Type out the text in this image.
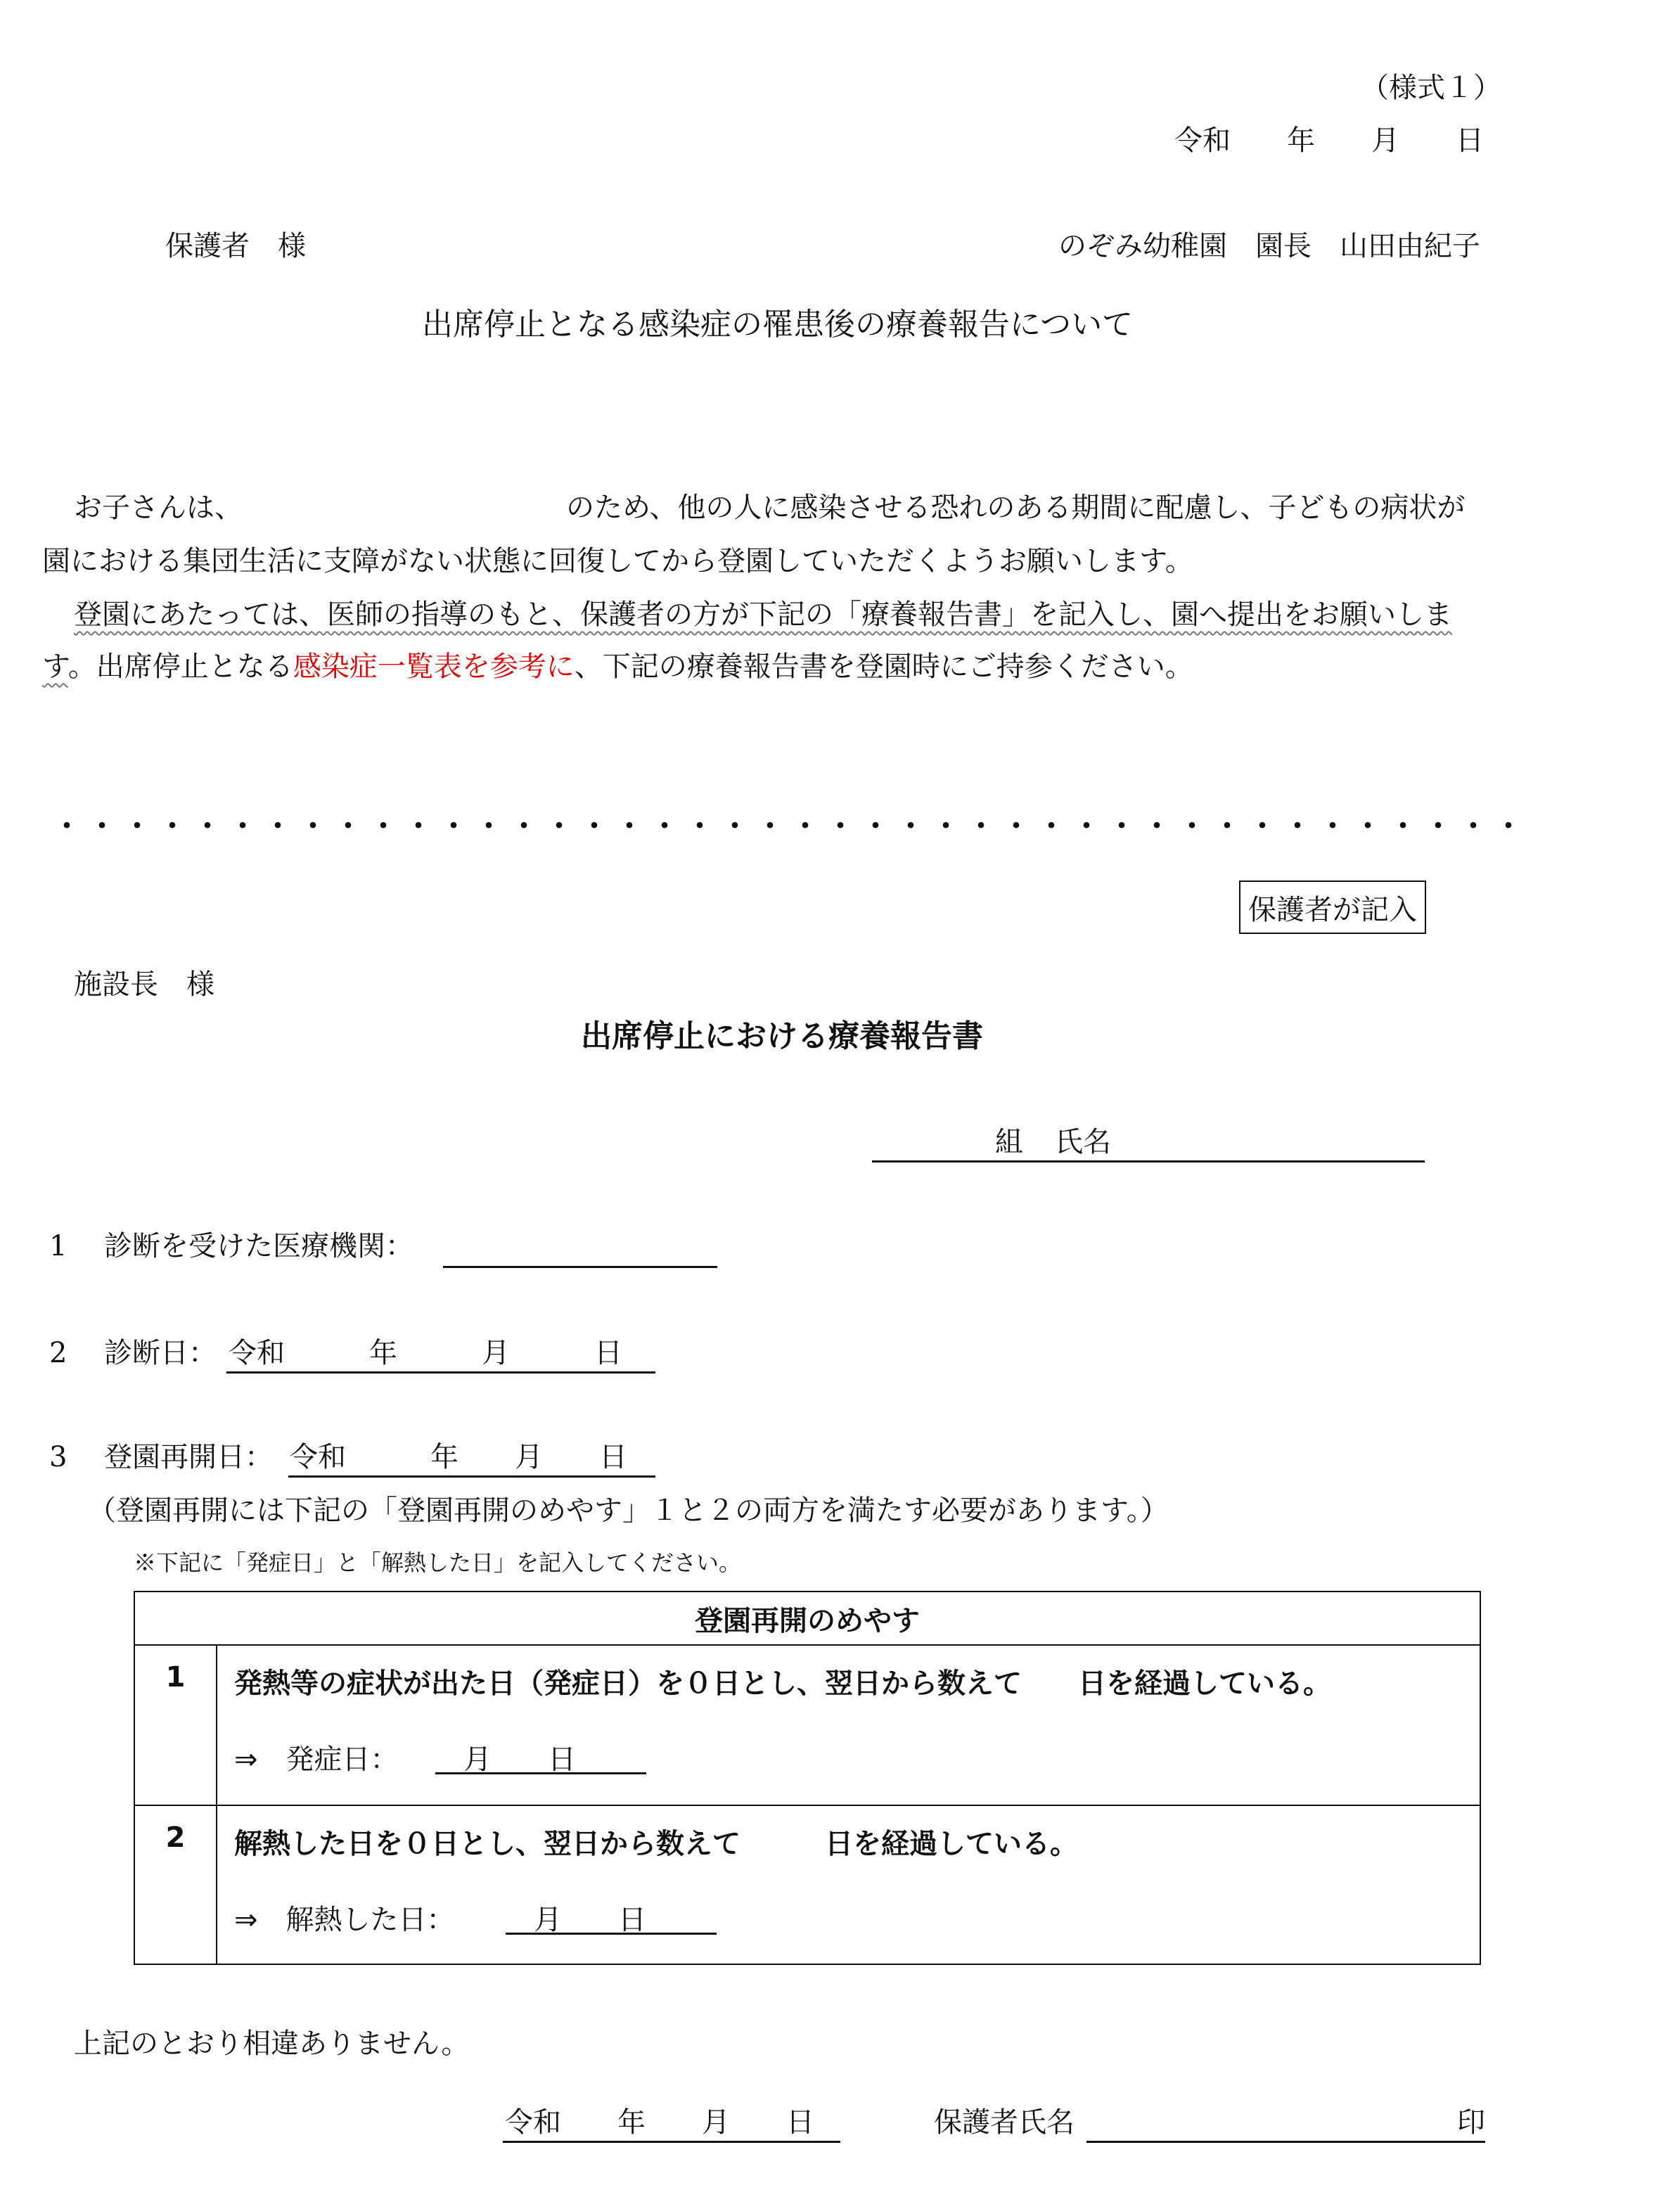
（様式１）
令和　　年　　月　　日
保護者　様	のぞみ幼稚園　園長　山田由紀子
出席停止となる感染症の罹患後の療養報告について
お子さんは、	のため、他の人に感染させる恐れのある期間に配慮し、子どもの病状が
園における集団生活に支障がない状態に回復してから登園していただくようお願いします。
登園にあたっては、医師の指導のもと、保護者の方が下記の「療養報告書」を記入し、園へ提出をお願いしま
す。出席停止となる感染症一覧表を参考に、下記の療養報告書を登園時にご持参ください。
・・・・・・・・・・・・・・・・・・・・・・・・・・・・・・・・・・・・・・・・・・
保護者が記入
施設長　様
出席停止における療養報告書
組 氏名
1 診断を受けた医療機関：
2 診断日： 令和　　　年　　　月　　　日
3 登園再開日： 令和　　　年　　月　　日
（登園再開には下記の「登園再開のめやす」１と２の両方を満たす必要があります。）
※下記に「発症日」と「解熱した日」を記入してください。
登園再開のめやす	
1	発熱等の症状が出た日（発症日）を０日とし、翌日から数えて　　日を経過している。
⇒　発症日： 　月　　日

2	解熱した日を０日とし、翌日から数えて　　　日を経過している。
⇒　解熱した日： 　月　　日
上記のとおり相違ありません。
令和　　年　　月　　日	保護者氏名	印
